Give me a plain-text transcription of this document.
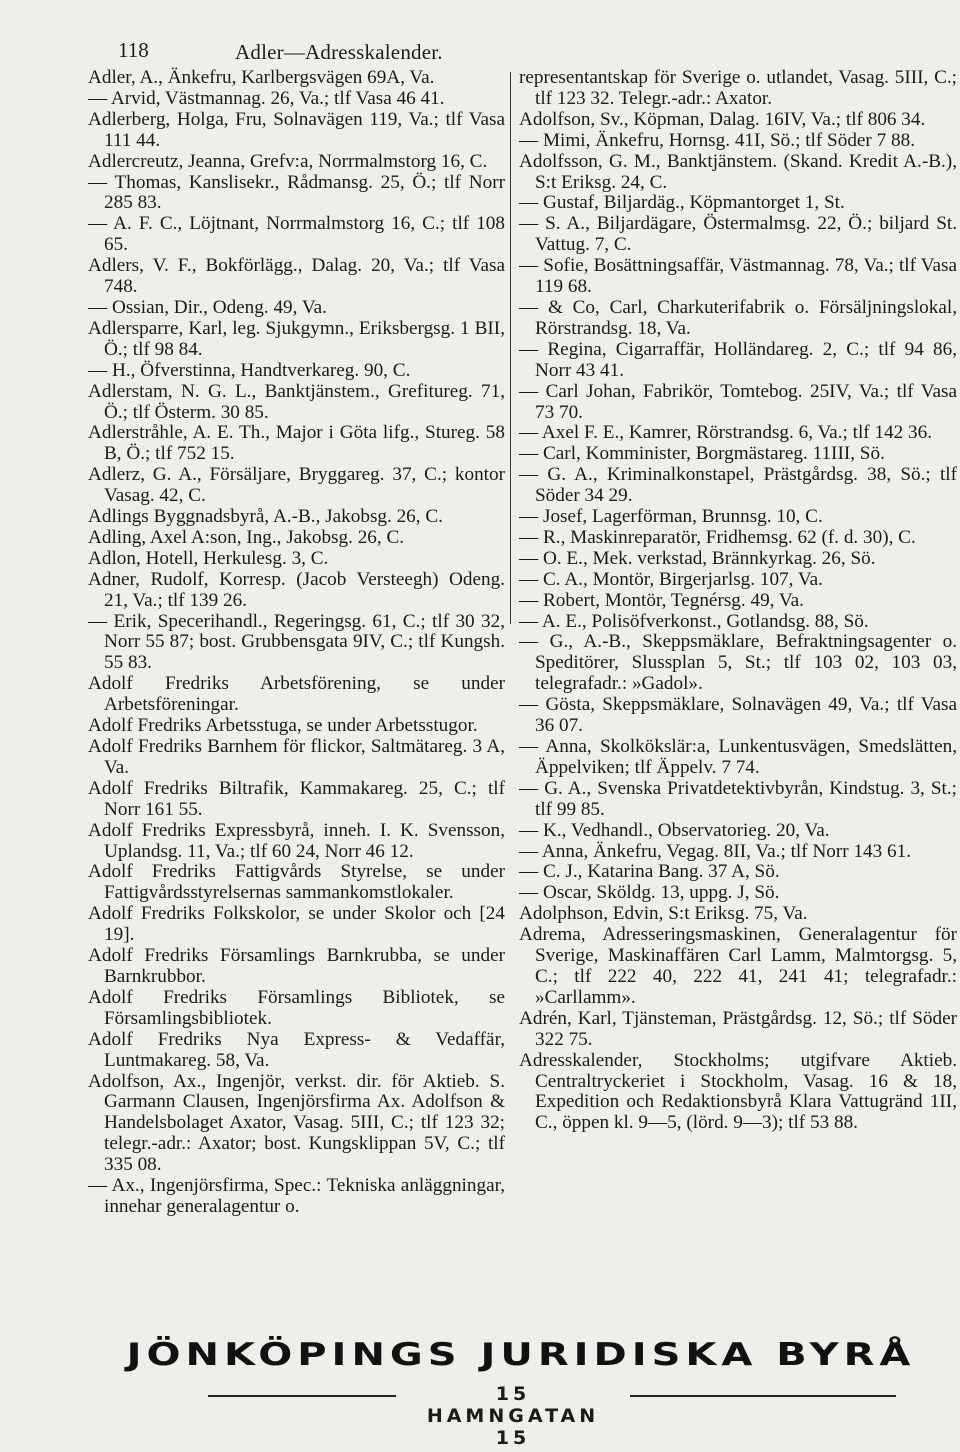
118	Adler—Adresskalender.
Adler, A., Änkefru, Karlbergsvägen 69A, Va.
— Arvid, Västmannag. 26, Va.; tlf Vasa 46 41.
Adlerberg, Holga, Fru, Solnavägen 119, Va.; tlf Vasa 111 44.
Adlercreutz, Jeanna, Grefv:a, Norrmalmstorg 16, C.
— Thomas, Kanslisekr., Rådmansg. 25, Ö.; tlf Norr 285 83.
— A. F. C., Löjtnant, Norrmalmstorg 16, C.; tlf 108 65.
Adlers, V. F., Bokförlägg., Dalag. 20, Va.; tlf Vasa 748.
— Ossian, Dir., Odeng. 49, Va.
Adlersparre, Karl, leg. Sjukgymn., Eriksbergsg. 1 BII, Ö.; tlf 98 84.
— H., Öfverstinna, Handtverkareg. 90, C.
Adlerstam, N. G. L., Banktjänstem., Grefitureg. 71, Ö.; tlf Österm. 30 85.
Adlerstråhle, A. E. Th., Major i Göta lifg., Stureg. 58 B, Ö.; tlf 752 15.
Adlerz, G. A., Försäljare, Bryggareg. 37, C.; kontor Vasag. 42, C.
Adlings Byggnadsbyrå, A.-B., Jakobsg. 26, C.
Adling, Axel A:son, Ing., Jakobsg. 26, C.
Adlon, Hotell, Herkulesg. 3, C.
Adner, Rudolf, Korresp. (Jacob Versteegh) Odeng. 21, Va.; tlf 139 26.
— Erik, Specerihandl., Regeringsg. 61, C.; tlf 30 32, Norr 55 87; bost. Grubbensgata 9IV, C.; tlf Kungsh. 55 83.
Adolf Fredriks Arbetsförening, se under Arbetsföreningar.
Adolf Fredriks Arbetsstuga, se under Arbetsstugor.
Adolf Fredriks Barnhem för flickor, Saltmätareg. 3 A, Va.
Adolf Fredriks Biltrafik, Kammakareg. 25, C.; tlf Norr 161 55.
Adolf Fredriks Expressbyrå, inneh. I. K. Svensson, Uplandsg. 11, Va.; tlf 60 24, Norr 46 12.
Adolf Fredriks Fattigvårds Styrelse, se under Fattigvårdsstyrelsernas sammankomstlokaler.
Adolf Fredriks Folkskolor, se under Skolor och [24 19].
Adolf Fredriks Församlings Barnkrubba, se under Barnkrubbor.
Adolf Fredriks Församlings Bibliotek, se Församlingsbibliotek.
Adolf Fredriks Nya Express- & Vedaffär, Luntmakareg. 58, Va.
Adolfson, Ax., Ingenjör, verkst. dir. för Aktieb. S. Garmann Clausen, Ingenjörsfirma Ax. Adolfson & Handelsbolaget Axator, Vasag. 5III, C.; tlf 123 32; telegr.-adr.: Axator; bost. Kungsklippan 5V, C.; tlf 335 08.
— Ax., Ingenjörsfirma, Spec.: Tekniska anläggningar, innehar generalagentur o.
representantskap för Sverige o. utlandet, Vasag. 5III, C.; tlf 123 32. Telegr.-adr.: Axator.
Adolfson, Sv., Köpman, Dalag. 16IV, Va.; tlf 806 34.
— Mimi, Änkefru, Hornsg. 41I, Sö.; tlf Söder 7 88.
Adolfsson, G. M., Banktjänstem. (Skand. Kredit A.-B.), S:t Eriksg. 24, C.
— Gustaf, Biljardäg., Köpmantorget 1, St.
— S. A., Biljardägare, Östermalmsg. 22, Ö.; biljard St. Vattug. 7, C.
— Sofie, Bosättningsaffär, Västmannag. 78, Va.; tlf Vasa 119 68.
— & Co, Carl, Charkuterifabrik o. Försäljningslokal, Rörstrandsg. 18, Va.
— Regina, Cigarraffär, Holländareg. 2, C.; tlf 94 86, Norr 43 41.
— Carl Johan, Fabrikör, Tomtebog. 25IV, Va.; tlf Vasa 73 70.
— Axel F. E., Kamrer, Rörstrandsg. 6, Va.; tlf 142 36.
— Carl, Komminister, Borgmästareg. 11III, Sö.
— G. A., Kriminalkonstapel, Prästgårdsg. 38, Sö.; tlf Söder 34 29.
— Josef, Lagerförman, Brunnsg. 10, C.
— R., Maskinreparatör, Fridhemsg. 62 (f. d. 30), C.
— O. E., Mek. verkstad, Brännkyrkag. 26, Sö.
— C. A., Montör, Birgerjarlsg. 107, Va.
— Robert, Montör, Tegnérsg. 49, Va.
— A. E., Polisöfverkonst., Gotlandsg. 88, Sö.
— G., A.-B., Skeppsmäklare, Befraktningsagenter o. Speditörer, Slussplan 5, St.; tlf 103 02, 103 03, telegrafadr.: »Gadol».
— Gösta, Skeppsmäklare, Solnavägen 49, Va.; tlf Vasa 36 07.
— Anna, Skolkökslär:a, Lunkentusvägen, Smedslätten, Äppelviken; tlf Äppelv. 7 74.
— G. A., Svenska Privatdetektivbyrån, Kindstug. 3, St.; tlf 99 85.
— K., Vedhandl., Observatorieg. 20, Va.
— Anna, Änkefru, Vegag. 8II, Va.; tlf Norr 143 61.
— C. J., Katarina Bang. 37 A, Sö.
— Oscar, Sköldg. 13, uppg. J, Sö.
Adolphson, Edvin, S:t Eriksg. 75, Va.
Adrema, Adresseringsmaskinen, Generalagentur för Sverige, Maskinaffären Carl Lamm, Malmtorgsg. 5, C.; tlf 222 40, 222 41, 241 41; telegrafadr.: »Carllamm».
Adrén, Karl, Tjänsteman, Prästgårdsg. 12, Sö.; tlf Söder 322 75.
Adresskalender, Stockholms; utgifvare Aktieb. Centraltryckeriet i Stockholm, Vasag. 16 & 18, Expedition och Redaktionsbyrå Klara Vattugränd 1II, C., öppen kl. 9—5, (lörd. 9—3); tlf 53 88.
JÖNKÖPINGS JURIDISKA BYRÅ
15 HAMNGATAN 15
